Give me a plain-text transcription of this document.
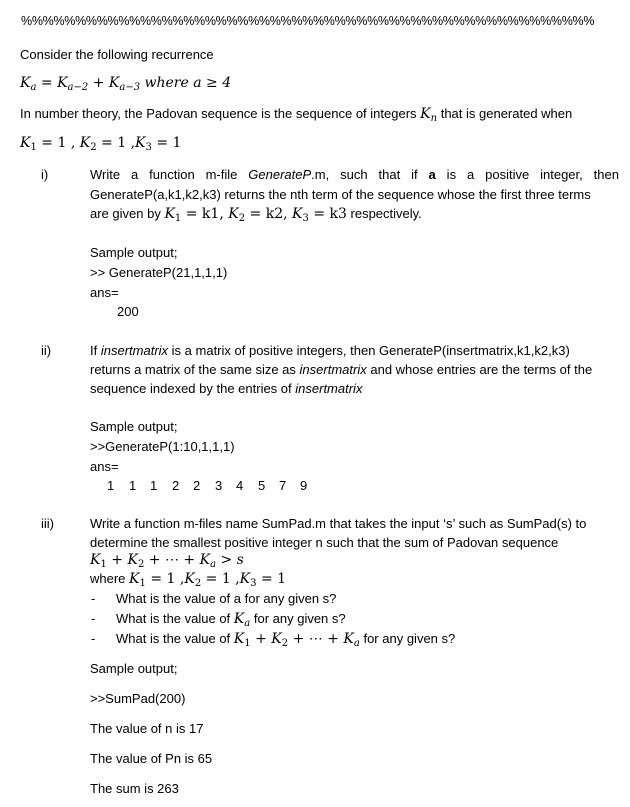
%%%%%%%%%%%%%%%%%%%%%%%%%%%%%%%%%%%%%%%%%%%%%%%%%%%%%
Consider the following recurrence
$K_a = K_{a-2} + K_{a-3}$ where a ≥ 4
In number theory, the Padovan sequence is the sequence of integers $K_n$ that is generated when
$K_1 = 1$ , $K_2 = 1$ $,K_3 = 1$
i)	Write a function m-file GenerateP.m, such that if a is a positive integer, then
GenerateP(a,k1,k2,k3) returns the nth term of the sequence whose the first three terms
are given by $K_1 = k1$, $K_2 = k2$, $K_3 = k3$ respectively.
Sample output;
>> GenerateP(21,1,1,1)
ans=
200
ii)	If insertmatrix is a matrix of positive integers, then GenerateP(insertmatrix,k1,k2,k3)
returns a matrix of the same size as insertmatrix and whose entries are the terms of the
sequence indexed by the entries of insertmatrix
Sample output;
>>GenerateP(1:10,1,1,1)
ans=
1 1 1 2 2 3 4 5 7 9
iii)	Write a function m-files name SumPad.m that takes the input ‘s’ such as SumPad(s) to
determine the smallest positive integer n such that the sum of Padovan sequence
$K_1 + K_2$ + ⋯ + $K_a > s$
where $K_1 = 1$ $,K_2 = 1$ $,K_3 = 1$
- What is the value of a for any given s?
- What is the value of $K_a$ for any given s?
- What is the value of $K_1 + K_2$ + ⋯ + $K_a$ for any given s?
Sample output;
>>SumPad(200)
The value of n is 17
The value of Pn is 65
The sum is 263
